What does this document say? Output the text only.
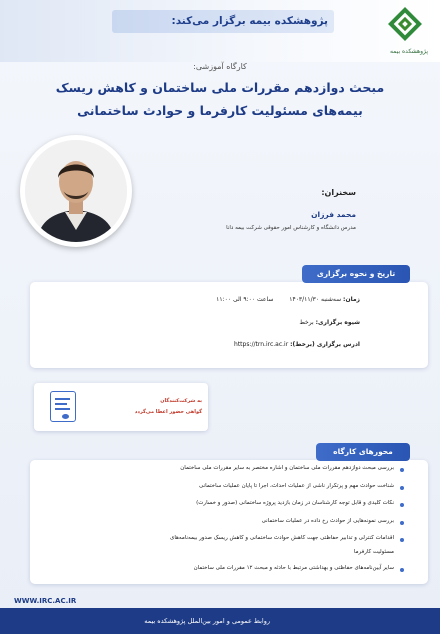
پژوهشکده بیمه برگزار می‌کند:
پژوهشکده بیمه
کارگاه آموزشی:
مبحث دوازدهم مقررات ملی ساختمان و کاهش ریسک
بیمه‌های مسئولیت کارفرما و حوادث ساختمانی
سخنران:
محمد فرزان
مدرس دانشگاه و کارشناس امور حقوقی شرکت بیمه دانا
تاریخ و نحوه برگزاری
زمان: سه‌شنبه ۱۴۰۳/۱۱/۳۰ ساعت ۹:۰۰ الی ۱۱:۰۰
شیوه برگزاری: برخط
ادرس برگزاری (برخط): https://trn.irc.ac.ir
به شرکت‌کنندگان
گواهی حضور اعطا می‌گردد
محورهای کارگاه
بررسی مبحث دوازدهم مقررات ملی ساختمان و اشاره مختصر به سایر مقررات ملی ساختمان
شناخت حوادث مهم و پرتکرار ناشی از عملیات احداث، اجرا تا پایان عملیات ساختمانی
نکات کلیدی و قابل توجه کارشناسان در زمان بازدید پروژه ساختمانی (صدور و خسارت)
بررسی نمونه‌هایی از حوادث رخ داده در عملیات ساختمانی
اقدامات کنترلی و تدابیر حفاظتی جهت کاهش حوادث ساختمانی و کاهش ریسک صدور بیمه‌نامه‌های
مسئولیت کارفرما
سایر آیین‌نامه‌های حفاظتی و بهداشتی مرتبط با حادثه و مبحث ۱۲ مقررات ملی ساختمان
WWW.IRC.AC.IR
روابط عمومی و امور بین‌الملل پژوهشکده بیمه
